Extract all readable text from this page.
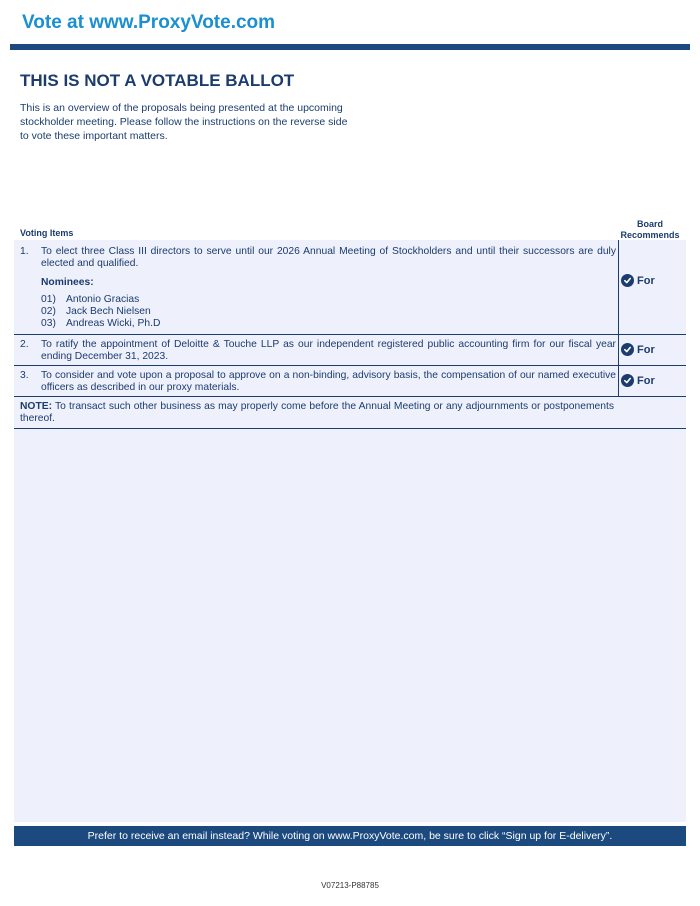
Vote at www.ProxyVote.com
THIS IS NOT A VOTABLE BALLOT
This is an overview of the proposals being presented at the upcoming stockholder meeting. Please follow the instructions on the reverse side to vote these important matters.
Voting Items
Board Recommends
1. To elect three Class III directors to serve until our 2026 Annual Meeting of Stockholders and until their successors are duly elected and qualified.
Nominees:
01) Antonio Gracias
02) Jack Bech Nielsen
03) Andreas Wicki, Ph.D
For
2. To ratify the appointment of Deloitte & Touche LLP as our independent registered public accounting firm for our fiscal year ending December 31, 2023.
For
3. To consider and vote upon a proposal to approve on a non-binding, advisory basis, the compensation of our named executive officers as described in our proxy materials.
For
NOTE: To transact such other business as may properly come before the Annual Meeting or any adjournments or postponements thereof.
Prefer to receive an email instead? While voting on www.ProxyVote.com, be sure to click “Sign up for E-delivery”.
V07213-P88785
